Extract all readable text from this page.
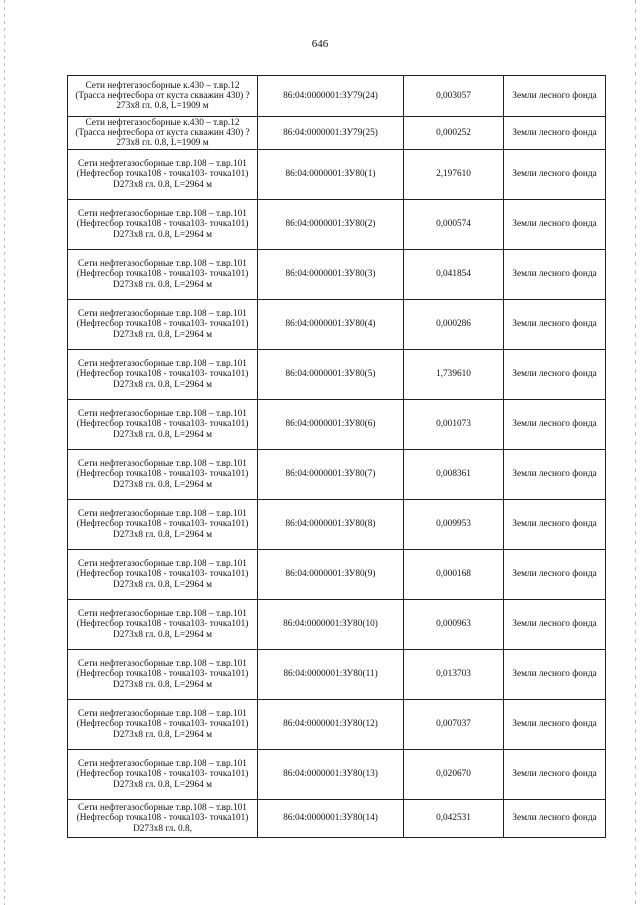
646
Сети нефтегазосборные к.430 – т.вр.12 (Трасса нефтесбора от куста скважин 430) ?273х8 гл. 0.8, L=1909 м	86:04:0000001:ЗУ79(24)	0,003057	Земли лесного фонда
Сети нефтегазосборные к.430 – т.вр.12 (Трасса нефтесбора от куста скважин 430) ?273х8 гл. 0.8, L=1909 м	86:04:0000001:ЗУ79(25)	0,000252	Земли лесного фонда
Сети нефтегазосборные т.вр.108 – т.вр.101 (Нефтесбор точка108 - точка103- точка101) D273х8 гл. 0.8, L=2964 м	86:04:0000001:ЗУ80(1)	2,197610	Земли лесного фонда
Сети нефтегазосборные т.вр.108 – т.вр.101 (Нефтесбор точка108 - точка103- точка101) D273х8 гл. 0.8, L=2964 м	86:04:0000001:ЗУ80(2)	0,000574	Земли лесного фонда
Сети нефтегазосборные т.вр.108 – т.вр.101 (Нефтесбор точка108 - точка103- точка101) D273х8 гл. 0.8, L=2964 м	86:04:0000001:ЗУ80(3)	0,041854	Земли лесного фонда
Сети нефтегазосборные т.вр.108 – т.вр.101 (Нефтесбор точка108 - точка103- точка101) D273х8 гл. 0.8, L=2964 м	86:04:0000001:ЗУ80(4)	0,000286	Земли лесного фонда
Сети нефтегазосборные т.вр.108 – т.вр.101 (Нефтесбор точка108 - точка103- точка101) D273х8 гл. 0.8, L=2964 м	86:04:0000001:ЗУ80(5)	1,739610	Земли лесного фонда
Сети нефтегазосборные т.вр.108 – т.вр.101 (Нефтесбор точка108 - точка103- точка101) D273х8 гл. 0.8, L=2964 м	86:04:0000001:ЗУ80(6)	0,001073	Земли лесного фонда
Сети нефтегазосборные т.вр.108 – т.вр.101 (Нефтесбор точка108 - точка103- точка101) D273х8 гл. 0.8, L=2964 м	86:04:0000001:ЗУ80(7)	0,008361	Земли лесного фонда
Сети нефтегазосборные т.вр.108 – т.вр.101 (Нефтесбор точка108 - точка103- точка101) D273х8 гл. 0.8, L=2964 м	86:04:0000001:ЗУ80(8)	0,009953	Земли лесного фонда
Сети нефтегазосборные т.вр.108 – т.вр.101 (Нефтесбор точка108 - точка103- точка101) D273х8 гл. 0.8, L=2964 м	86:04:0000001:ЗУ80(9)	0,000168	Земли лесного фонда
Сети нефтегазосборные т.вр.108 – т.вр.101 (Нефтесбор точка108 - точка103- точка101) D273х8 гл. 0.8, L=2964 м	86:04:0000001:ЗУ80(10)	0,000963	Земли лесного фонда
Сети нефтегазосборные т.вр.108 – т.вр.101 (Нефтесбор точка108 - точка103- точка101) D273х8 гл. 0.8, L=2964 м	86:04:0000001:ЗУ80(11)	0,013703	Земли лесного фонда
Сети нефтегазосборные т.вр.108 – т.вр.101 (Нефтесбор точка108 - точка103- точка101) D273х8 гл. 0.8, L=2964 м	86:04:0000001:ЗУ80(12)	0,007037	Земли лесного фонда
Сети нефтегазосборные т.вр.108 – т.вр.101 (Нефтесбор точка108 - точка103- точка101) D273х8 гл. 0.8, L=2964 м	86:04:0000001:ЗУ80(13)	0,020670	Земли лесного фонда
Сети нефтегазосборные т.вр.108 – т.вр.101 (Нефтесбор точка108 - точка103- точка101) D273х8 гл. 0.8,	86:04:0000001:ЗУ80(14)	0,042531	Земли лесного фонда
